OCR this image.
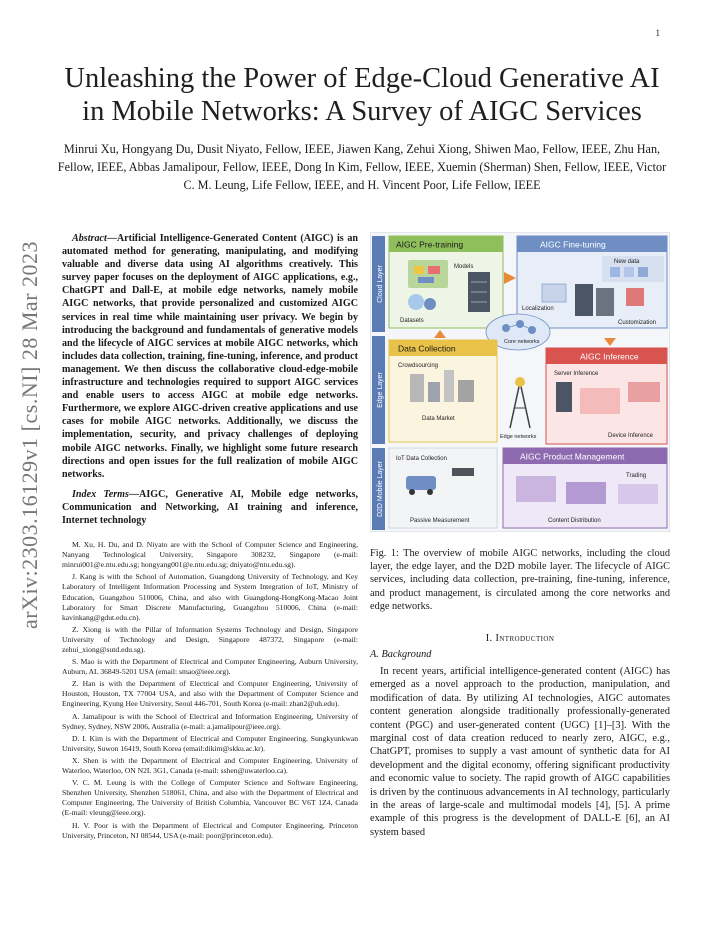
1
arXiv:2303.16129v1 [cs.NI] 28 Mar 2023
Unleashing the Power of Edge-Cloud Generative AI in Mobile Networks: A Survey of AIGC Services
Minrui Xu, Hongyang Du, Dusit Niyato, Fellow, IEEE, Jiawen Kang, Zehui Xiong, Shiwen Mao, Fellow, IEEE, Zhu Han, Fellow, IEEE, Abbas Jamalipour, Fellow, IEEE, Dong In Kim, Fellow, IEEE, Xuemin (Sherman) Shen, Fellow, IEEE, Victor C. M. Leung, Life Fellow, IEEE, and H. Vincent Poor, Life Fellow, IEEE

Abstract—Artificial Intelligence-Generated Content (AIGC) is an automated method for generating, manipulating, and modifying valuable and diverse data using AI algorithms creatively. This survey paper focuses on the deployment of AIGC applications, e.g., ChatGPT and Dall-E, at mobile edge networks, namely mobile AIGC networks, that provide personalized and customized AIGC services in real time while maintaining user privacy. We begin by introducing the background and fundamentals of generative models and the lifecycle of AIGC services at mobile AIGC networks, which includes data collection, training, fine-tuning, inference, and product management. We then discuss the collaborative cloud-edge-mobile infrastructure and technologies required to support AIGC services and enable users to access AIGC at mobile edge networks. Furthermore, we explore AIGC-driven creative applications and use cases for mobile AIGC networks. Additionally, we discuss the implementation, security, and privacy challenges of deploying mobile AIGC networks. Finally, we highlight some future research directions and open issues for the full realization of mobile AIGC networks.

Index Terms—AIGC, Generative AI, Mobile edge networks, Communication and Networking, AI training and inference, Internet technology

M. Xu, H. Du, and D. Niyato are with the School of Computer Science and Engineering, Nanyang Technological University, Singapore 308232, Singapore (e-mail: minrui001@e.ntu.edu.sg; hongyang001@e.ntu.edu.sg; dniyato@ntu.edu.sg).

J. Kang is with the School of Automation, Guangdong University of Technology, and Key Laboratory of Intelligent Information Processing and System Integration of IoT, Ministry of Education, Guangzhou 510006, China, and also with Guangdong-HongKong-Macao Joint Laboratory for Smart Discrete Manufacturing, Guangzhou 510006, China (e-mail: kavinkang@gdut.edu.cn).

Z. Xiong is with the Pillar of Information Systems Technology and Design, Singapore University of Technology and Design, Singapore 487372, Singapore (e-mail: zehui_xiong@sutd.edu.sg).

S. Mao is with the Department of Electrical and Computer Engineering, Auburn University, Auburn, AL 36849-5201 USA (email: smao@ieee.org).

Z. Han is with the Department of Electrical and Computer Engineering, University of Houston, Houston, TX 77004 USA, and also with the Department of Computer Science and Engineering, Kyung Hee University, Seoul 446-701, South Korea (e-mail: zhan2@uh.edu).

A. Jamalipour is with the School of Electrical and Information Engineering, University of Sydney, Sydney, NSW 2006, Australia (e-mail: a.jamalipour@ieee.org).

D. I. Kim is with the Department of Electrical and Computer Engineering, Sungkyunkwan University, Suwon 16419, South Korea (email:dikim@skku.ac.kr).

X. Shen is with the Department of Electrical and Computer Engineering, University of Waterloo, Waterloo, ON N2L 3G1, Canada (e-mail: sshen@uwaterloo.ca).

V. C. M. Leung is with the College of Computer Science and Software Engineering, Shenzhen University, Shenzhen 518061, China, and also with the Department of Electrical and Computer Engineering, The University of British Columbia, Vancouver BC V6T 1Z4, Canada (E-mail: vleung@ieee.org).

H. V. Poor is with the Department of Electrical and Computer Engineering, Princeton University, Princeton, NJ 08544, USA (e-mail: poor@princeton.edu).

Cloud Layer
Edge Layer
D2D Mobile Layer
AIGC Pre-training
Models
Datasets
AIGC Fine-tuning
New data
Localization
Customization
Core networks
Data Collection
Crowdsourcing
Data Market
Edge networks
AIGC Inference
Server Inference
Device Inference
IoT Data Collection
Passive Measurement
AIGC Product Management
Trading
Content Distribution

Fig. 1: The overview of mobile AIGC networks, including the cloud layer, the edge layer, and the D2D mobile layer. The lifecycle of AIGC services, including data collection, pre-training, fine-tuning, inference, and product management, is circulated among the core networks and edge networks.

I. Introduction
A. Background

In recent years, artificial intelligence-generated content (AIGC) has emerged as a novel approach to the production, manipulation, and modification of data. By utilizing AI technologies, AIGC automates content generation alongside traditionally professionally-generated content (PGC) and user-generated content (UGC) [1]–[3]. With the marginal cost of data creation reduced to nearly zero, AIGC, e.g., ChatGPT, promises to supply a vast amount of synthetic data for AI development and the digital economy, offering significant productivity and economic value to society. The rapid growth of AIGC capabilities is driven by the continuous advancements in AI technology, particularly in the areas of large-scale and multimodal models [4], [5]. A prime example of this progress is the development of DALL-E [6], an AI system based
